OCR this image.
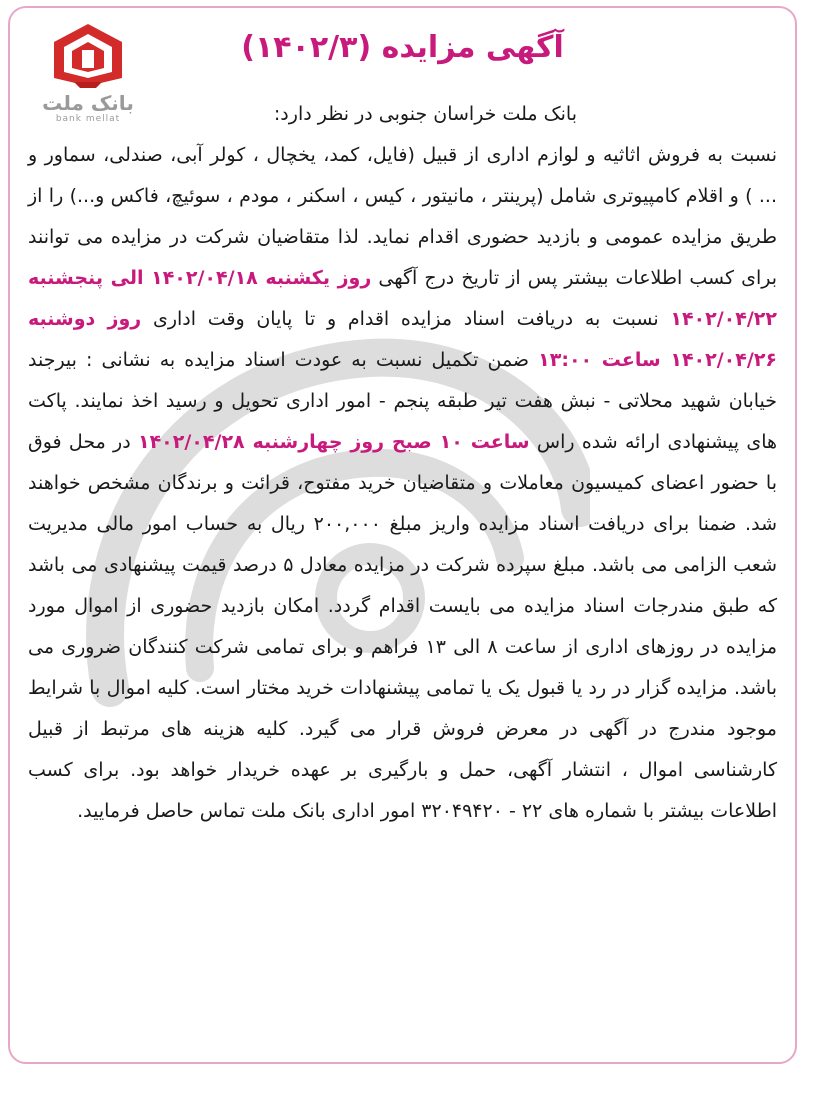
بانک ملت
bank mellat
آگهی مزایده (۱۴۰۲/۳)

بانک ملت خراسان جنوبی در نظر دارد:
نسبت به فروش اثاثیه و لوازم اداری از قبیل (فایل، کمد، یخچال ، کولر آبی، صندلی، سماور و ... ) و اقلام کامپیوتری شامل (پرینتر ، مانیتور ، کیس ، اسکنر ، مودم ، سوئیچ، فاکس و...) را از طریق مزایده عمومی و بازدید حضوری اقدام نماید. لذا متقاضیان شرکت در مزایده می توانند برای کسب اطلاعات بیشتر پس از تاریخ درج آگهی روز یکشنبه ۱۴۰۲/۰۴/۱۸ الی پنجشنبه ۱۴۰۲/۰۴/۲۲ نسبت به دریافت اسناد مزایده اقدام و تا پایان وقت اداری روز دوشنبه ۱۴۰۲/۰۴/۲۶ ساعت ۱۳:۰۰ ضمن تکمیل نسبت به عودت اسناد مزایده به نشانی : بیرجند خیابان شهید محلاتی - نبش هفت تیر طبقه پنجم - امور اداری تحویل و رسید اخذ نمایند. پاکت های پیشنهادی ارائه شده راس ساعت ۱۰ صبح روز چهارشنبه ۱۴۰۲/۰۴/۲۸ در محل فوق با حضور اعضای کمیسیون معاملات و متقاضیان خرید مفتوح، قرائت و برندگان مشخص خواهند شد. ضمنا برای دریافت اسناد مزایده واریز مبلغ ۲۰۰,۰۰۰ ریال به حساب امور مالی مدیریت شعب الزامی می باشد. مبلغ سپرده شرکت در مزایده معادل ۵ درصد قیمت پیشنهادی می باشد که طبق مندرجات اسناد مزایده می بایست اقدام گردد. امکان بازدید حضوری از اموال مورد مزایده در روزهای اداری از ساعت ۸ الی ۱۳ فراهم و برای تمامی شرکت کنندگان ضروری می باشد. مزایده گزار در رد یا قبول یک یا تمامی پیشنهادات خرید مختار است. کلیه اموال با شرایط موجود مندرج در آگهی در معرض فروش قرار می گیرد. کلیه هزینه های مرتبط از قبیل کارشناسی اموال ، انتشار آگهی، حمل و بارگیری بر عهده خریدار خواهد بود. برای کسب اطلاعات بیشتر با شماره های ۲۲ - ۳۲۰۴۹۴۲۰ امور اداری بانک ملت تماس حاصل فرمایید.
